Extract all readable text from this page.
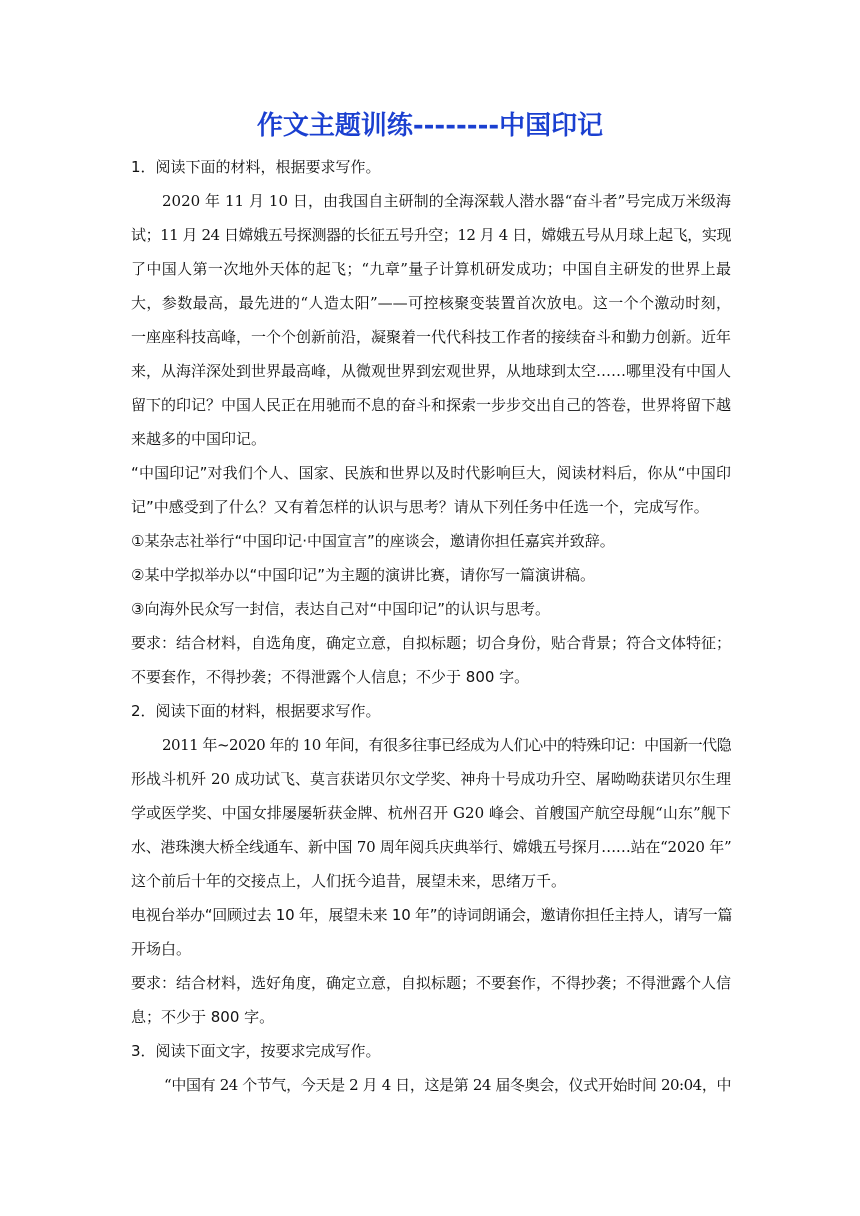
作文主题训练--------中国印记
1．阅读下面的材料，根据要求写作。
2020 年 11 月 10 日，由我国自主研制的全海深载人潜水器“奋斗者”号完成万米级海
试；11 月 24 日嫦娥五号探测器的长征五号升空；12 月 4 日，嫦娥五号从月球上起飞，实现
了中国人第一次地外天体的起飞；“九章”量子计算机研发成功；中国自主研发的世界上最
大，参数最高，最先进的“人造太阳”——可控核聚变装置首次放电。这一个个激动时刻，
一座座科技高峰，一个个创新前沿，凝聚着一代代科技工作者的接续奋斗和勤力创新。近年
来，从海洋深处到世界最高峰，从微观世界到宏观世界，从地球到太空……哪里没有中国人
留下的印记？中国人民正在用驰而不息的奋斗和探索一步步交出自己的答卷，世界将留下越
来越多的中国印记。
“中国印记”对我们个人、国家、民族和世界以及时代影响巨大，阅读材料后，你从“中国印
记”中感受到了什么？又有着怎样的认识与思考？请从下列任务中任选一个，完成写作。
①某杂志社举行“中国印记·中国宣言”的座谈会，邀请你担任嘉宾并致辞。
②某中学拟举办以“中国印记”为主题的演讲比赛，请你写一篇演讲稿。
③向海外民众写一封信，表达自己对“中国印记”的认识与思考。
要求：结合材料，自选角度，确定立意，自拟标题；切合身份，贴合背景；符合文体特征；
不要套作，不得抄袭；不得泄露个人信息；不少于 800 字。
2．阅读下面的材料，根据要求写作。
2011 年~2020 年的 10 年间，有很多往事已经成为人们心中的特殊印记：中国新一代隐
形战斗机歼 20 成功试飞、莫言获诺贝尔文学奖、神舟十号成功升空、屠呦呦获诺贝尔生理
学或医学奖、中国女排屡屡斩获金牌、杭州召开 G20 峰会、首艘国产航空母舰“山东”舰下
水、港珠澳大桥全线通车、新中国 70 周年阅兵庆典举行、嫦娥五号探月……站在“2020 年”
这个前后十年的交接点上，人们抚今追昔，展望未来，思绪万千。
电视台举办“回顾过去 10 年，展望未来 10 年”的诗词朗诵会，邀请你担任主持人，请写一篇
开场白。
要求：结合材料，选好角度，确定立意，自拟标题；不要套作，不得抄袭；不得泄露个人信
息；不少于 800 字。
3．阅读下面文字，按要求完成写作。
“中国有 24 个节气，今天是 2 月 4 日，这是第 24 届冬奥会，仪式开始时间 20:04，中
